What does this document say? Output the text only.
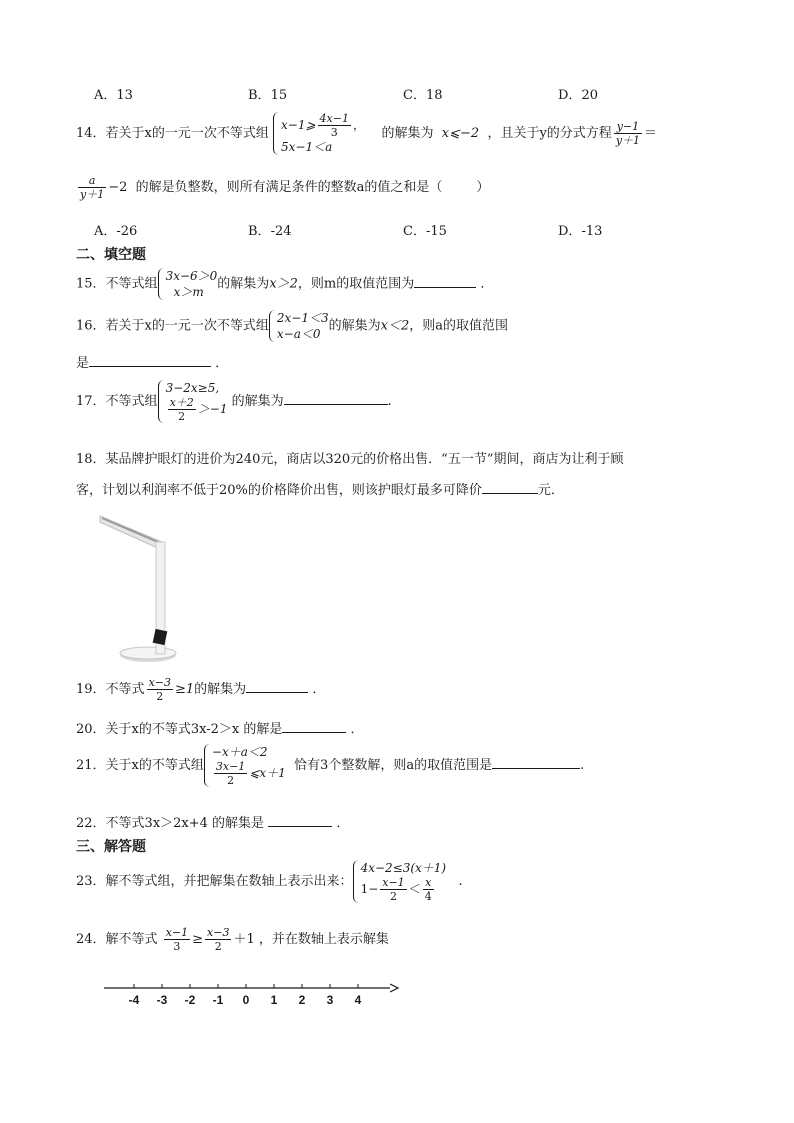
A．13	B．15	C．18	D．20
14．若关于x的一元一次不等式组
x−1⩾ $\frac{4x-1}{3}$ ，
5x−1＜a
的解集为 x⩽−2 ，且关于y的分式方程 $\frac{y-1}{y+1}$ ＝
$\frac{a}{y+1} -2$ 的解是负整数，则所有满足条件的整数a的值之和是（	）
A．-26	B．-24	C．-15	D．-13
二、填空题
15．不等式组
3x−6＞0
x＞m
的解集为x＞2，则m的取值范围为	．
16．若关于x的一元一次不等式组
2x−1＜3
x−a＜0
的解集为x＜2，则a的取值范围
是	．
17．不等式组
3−2x≥5,
$\frac{x+2}{2} >-1$ 的解集为	.
18．某品牌护眼灯的进价为240元，商店以320元的价格出售．“五一节”期间，商店为让利于顾
客，计划以利润率不低于20%的价格降价出售，则该护眼灯最多可降价	元．
19．不等式 $\frac{x-3}{2} \ge 1$的解集为	．
20．关于x的不等式3x-2＞x 的解是	．
21．关于x的不等式组
−x＋a＜2
$\frac{3x-1}{2}$ ⩽x＋1 恰有3个整数解，则a的取值范围是	.
22．不等式3x＞2x+4 的解集是	．
三、解答题
23．解不等式组，并把解集在数轴上表示出来：
4x−2≤3(x＋1)
$1- \frac{x-1}{2} < \frac{x}{4}$ .
24．解不等式 $\frac{x-1}{3} \ge \frac{x-3}{2} +1$ ，并在数轴上表示解集
-4 -3 -2 -1 0 1 2 3 4
